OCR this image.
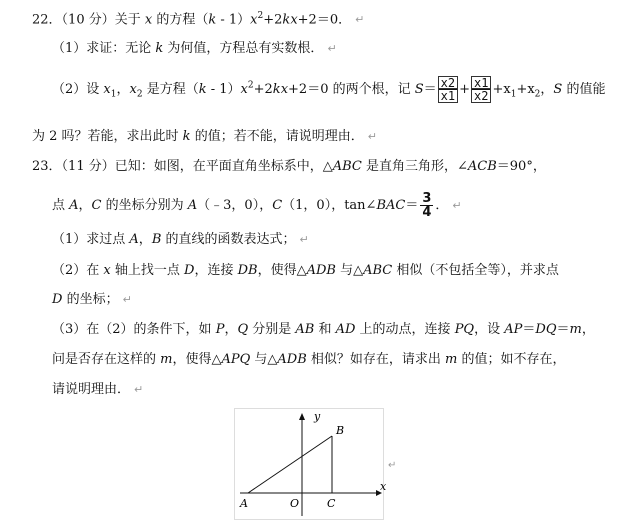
22．（10 分）关于 x 的方程$(k - 1)x^2+2kx+2=0$． ↵
（1）求证：无论 k 为何值，方程总有实数根． ↵
（2）设 $x_1$，$x_2$ 是方程$(k - 1)x^2+2kx+2=0$ 的两个根，记 $S= \frac{x2}{x1} + \frac{x1}{x2} +x_1+x_2$，S 的值能
为 2 吗？若能，求出此时 k 的值；若不能，请说明理由． ↵
23．（11 分）已知：如图，在平面直角坐标系中，△ABC 是直角三角形，∠ACB＝90°，
点 A，C 的坐标分别为 A（﹣3，0），C（1，0），tan∠BAC＝ $\frac{3}{4}$ ． ↵
（1）求过点 A，B 的直线的函数表达式； ↵
（2）在 x 轴上找一点 D，连接 DB，使得△ADB 与△ABC 相似（不包括全等），并求点
D 的坐标； ↵
（3）在（2）的条件下，如 P，Q 分别是 AB 和 AD 上的动点，连接 PQ，设 AP＝DQ＝m，
问是否存在这样的 m，使得△APQ 与△ADB 相似？如存在，请求出 m 的值；如不存在，
请说明理由． ↵
y
x
A	O	C
B
↵
